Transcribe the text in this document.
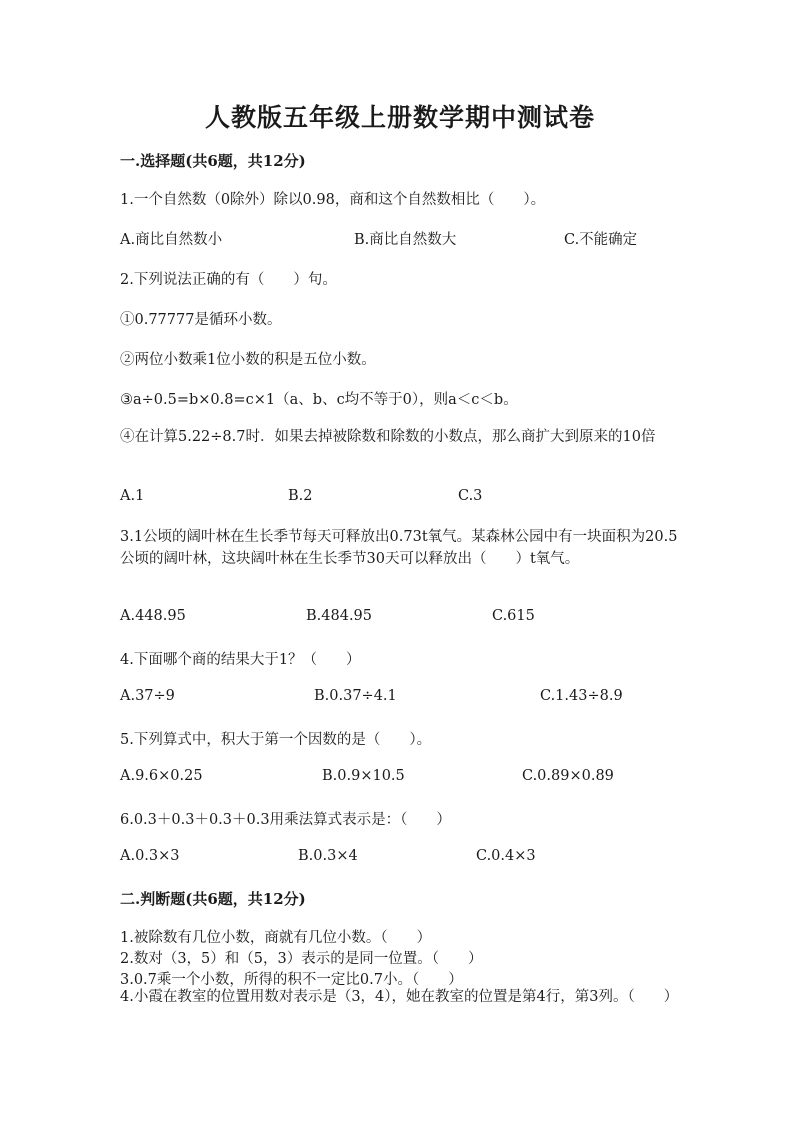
人教版五年级上册数学期中测试卷
一.选择题(共6题，共12分)
1.一个自然数（0除外）除以0.98，商和这个自然数相比（　　）。
A.商比自然数小	B.商比自然数大	C.不能确定
2.下列说法正确的有（　　）句。
①0.77777是循环小数。
②两位小数乘1位小数的积是五位小数。
③a÷0.5=b×0.8=c×1（a、b、c均不等于0），则a＜c＜b。
④在计算5.22÷8.7时．如果去掉被除数和除数的小数点，那么商扩大到原来的10倍
A.1	B.2	C.3
3.1公顷的阔叶林在生长季节每天可释放出0.73t氧气。某森林公园中有一块面积为20.5公顷的阔叶林，这块阔叶林在生长季节30天可以释放出（　　）t氧气。
A.448.95	B.484.95	C.615
4.下面哪个商的结果大于1？（　　）
A.37÷9	B.0.37÷4.1	C.1.43÷8.9
5.下列算式中，积大于第一个因数的是（　　）。
A.9.6×0.25	B.0.9×10.5	C.0.89×0.89
6.0.3＋0.3＋0.3＋0.3用乘法算式表示是：（　　）
A.0.3×3	B.0.3×4	C.0.4×3
二.判断题(共6题，共12分)
1.被除数有几位小数，商就有几位小数。（　　）
2.数对（3，5）和（5，3）表示的是同一位置。（　　）
3.0.7乘一个小数，所得的积不一定比0.7小。（　　）
4.小霞在教室的位置用数对表示是（3，4），她在教室的位置是第4行，第3列。（　　）
